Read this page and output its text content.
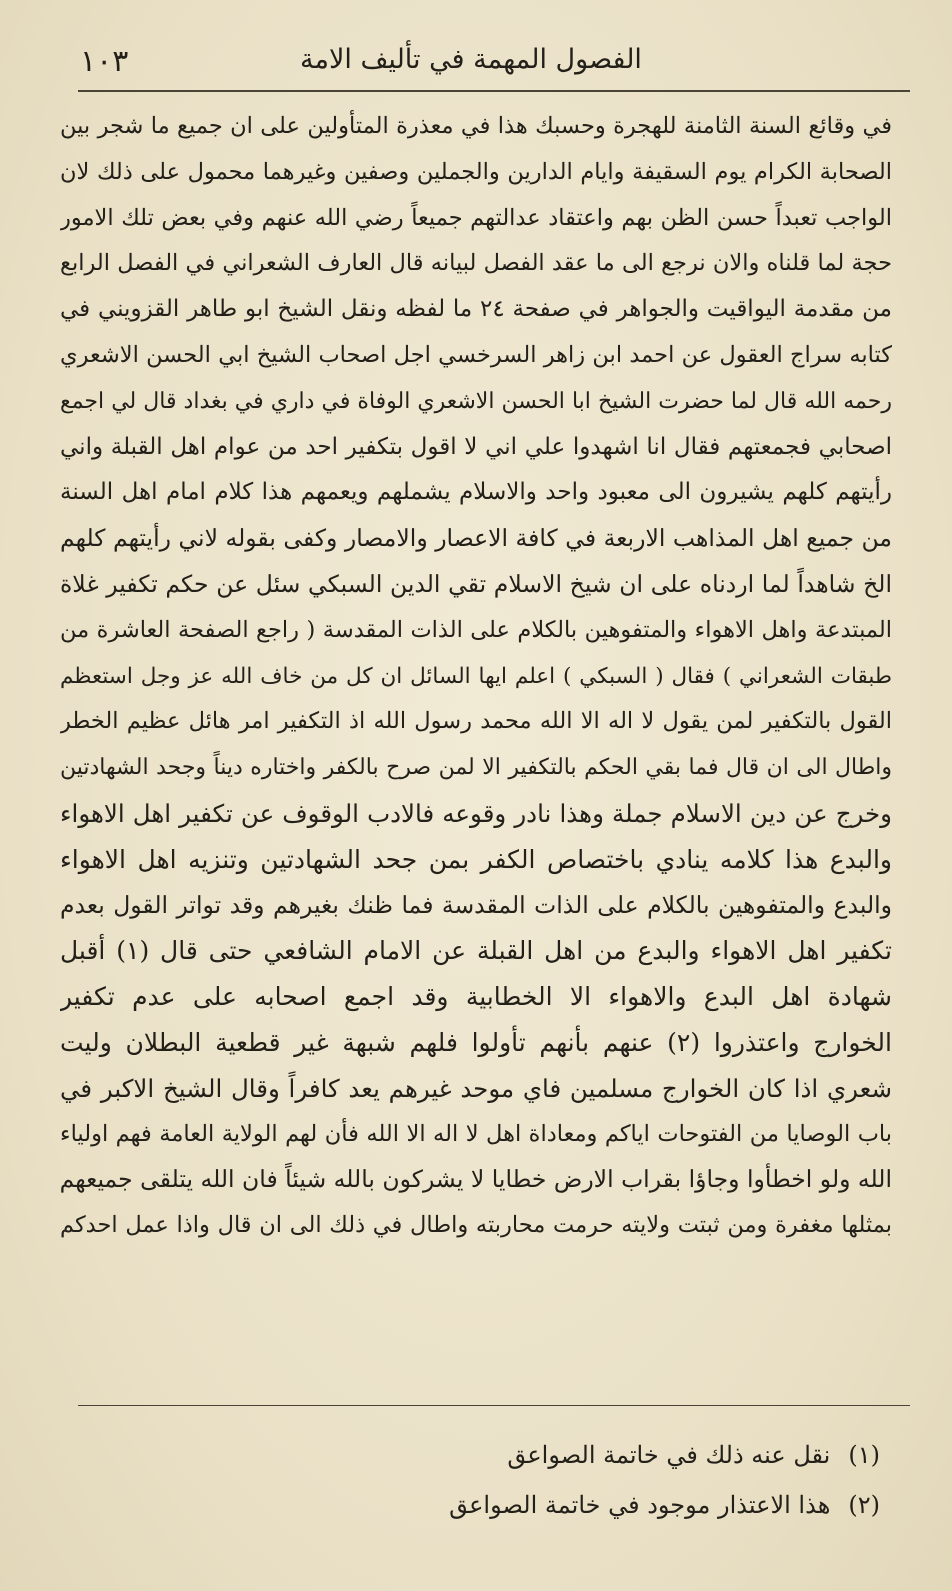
الفصول المهمة في تأليف الامة
١٠٣
في وقائع السنة الثامنة للهجرة وحسبك هذا في معذرة المتأولين على ان جميع ما شجر بين
الصحابة الكرام يوم السقيفة وايام الدارين والجملين وصفين وغيرهما محمول على ذلك لان
الواجب تعبداً حسن الظن بهم واعتقاد عدالتهم جميعاً رضي الله عنهم وفي بعض تلك الامور
حجة لما قلناه والان نرجع الى ما عقد الفصل لبيانه قال العارف الشعراني في الفصل الرابع
من مقدمة اليواقيت والجواهر في صفحة ٢٤ ما لفظه ونقل الشيخ ابو طاهر القزويني في
كتابه سراج العقول عن احمد ابن زاهر السرخسي اجل اصحاب الشيخ ابي الحسن الاشعري
رحمه الله قال لما حضرت الشيخ ابا الحسن الاشعري الوفاة في داري في بغداد قال لي اجمع
اصحابي فجمعتهم فقال انا اشهدوا علي اني لا اقول بتكفير احد من عوام اهل القبلة واني
رأيتهم كلهم يشيرون الى معبود واحد والاسلام يشملهم ويعمهم هذا كلام امام اهل السنة
من جميع اهل المذاهب الاربعة في كافة الاعصار والامصار وكفى بقوله لاني رأيتهم كلهم
الخ شاهداً لما اردناه على ان شيخ الاسلام تقي الدين السبكي سئل عن حكم تكفير غلاة
المبتدعة واهل الاهواء والمتفوهين بالكلام على الذات المقدسة ( راجع الصفحة العاشرة من
طبقات الشعراني ) فقال ( السبكي ) اعلم ايها السائل ان كل من خاف الله عز وجل استعظم
القول بالتكفير لمن يقول لا اله الا الله محمد رسول الله اذ التكفير امر هائل عظيم الخطر
واطال الى ان قال فما بقي الحكم بالتكفير الا لمن صرح بالكفر واختاره ديناً وجحد الشهادتين
وخرج عن دين الاسلام جملة وهذا نادر وقوعه فالادب الوقوف عن تكفير اهل الاهواء
والبدع هذا كلامه ينادي باختصاص الكفر بمن جحد الشهادتين وتنزيه اهل الاهواء
والبدع والمتفوهين بالكلام على الذات المقدسة فما ظنك بغيرهم وقد تواتر القول بعدم
تكفير اهل الاهواء والبدع من اهل القبلة عن الامام الشافعي حتى قال (١) أقبل
شهادة اهل البدع والاهواء الا الخطابية وقد اجمع اصحابه على عدم تكفير
الخوارج واعتذروا (٢) عنهم بأنهم تأولوا فلهم شبهة غير قطعية البطلان وليت
شعري اذا كان الخوارج مسلمين فاي موحد غيرهم يعد كافراً وقال الشيخ الاكبر في
باب الوصايا من الفتوحات اياكم ومعاداة اهل لا اله الا الله فأن لهم الولاية العامة فهم اولياء
الله ولو اخطأوا وجاؤا بقراب الارض خطايا لا يشركون بالله شيئاً فان الله يتلقى جميعهم
بمثلها مغفرة ومن ثبتت ولايته حرمت محاربته واطال في ذلك الى ان قال واذا عمل احدكم
(١)نقل عنه ذلك في خاتمة الصواعق
(٢)هذا الاعتذار موجود في خاتمة الصواعق
